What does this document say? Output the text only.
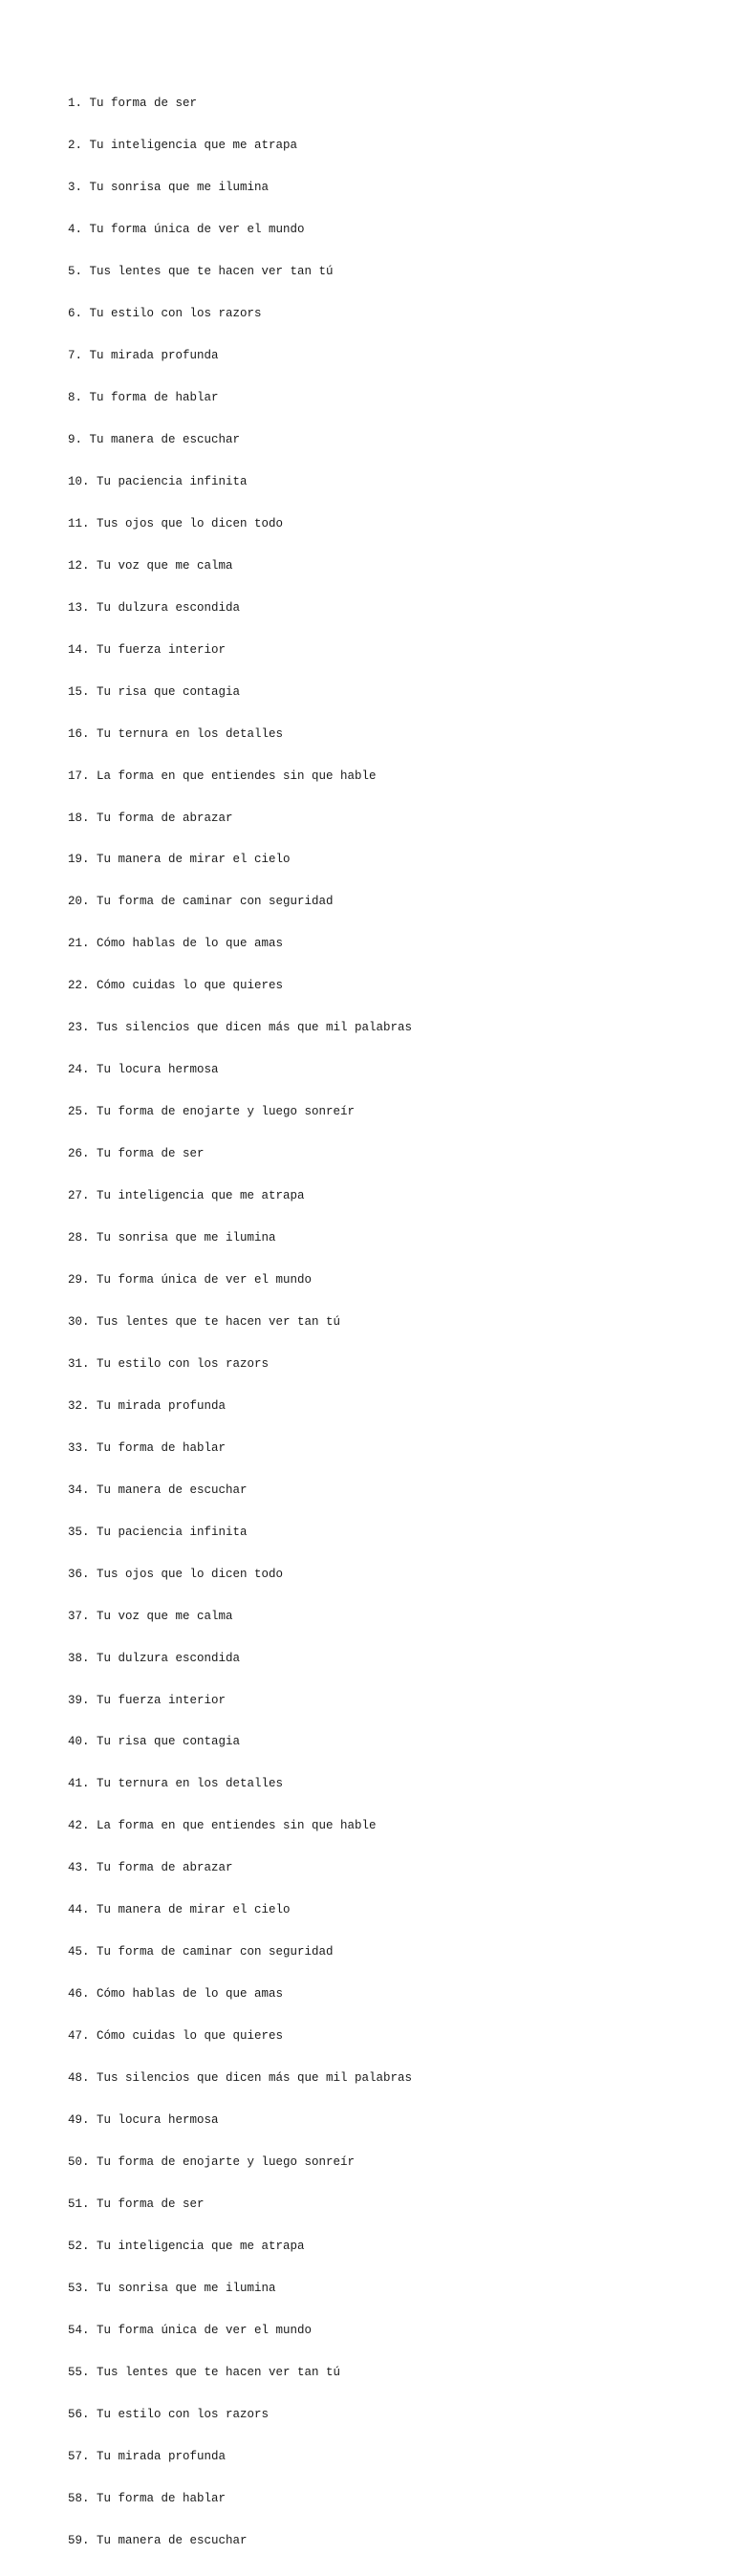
1. Tu forma de ser

2. Tu inteligencia que me atrapa

3. Tu sonrisa que me ilumina

4. Tu forma única de ver el mundo

5. Tus lentes que te hacen ver tan tú

6. Tu estilo con los razors

7. Tu mirada profunda

8. Tu forma de hablar

9. Tu manera de escuchar

10. Tu paciencia infinita

11. Tus ojos que lo dicen todo

12. Tu voz que me calma

13. Tu dulzura escondida

14. Tu fuerza interior

15. Tu risa que contagia

16. Tu ternura en los detalles

17. La forma en que entiendes sin que hable

18. Tu forma de abrazar

19. Tu manera de mirar el cielo

20. Tu forma de caminar con seguridad

21. Cómo hablas de lo que amas

22. Cómo cuidas lo que quieres

23. Tus silencios que dicen más que mil palabras

24. Tu locura hermosa

25. Tu forma de enojarte y luego sonreír

26. Tu forma de ser

27. Tu inteligencia que me atrapa

28. Tu sonrisa que me ilumina

29. Tu forma única de ver el mundo

30. Tus lentes que te hacen ver tan tú

31. Tu estilo con los razors

32. Tu mirada profunda

33. Tu forma de hablar

34. Tu manera de escuchar

35. Tu paciencia infinita

36. Tus ojos que lo dicen todo

37. Tu voz que me calma

38. Tu dulzura escondida

39. Tu fuerza interior

40. Tu risa que contagia

41. Tu ternura en los detalles

42. La forma en que entiendes sin que hable

43. Tu forma de abrazar

44. Tu manera de mirar el cielo

45. Tu forma de caminar con seguridad

46. Cómo hablas de lo que amas

47. Cómo cuidas lo que quieres

48. Tus silencios que dicen más que mil palabras

49. Tu locura hermosa

50. Tu forma de enojarte y luego sonreír

51. Tu forma de ser

52. Tu inteligencia que me atrapa

53. Tu sonrisa que me ilumina

54. Tu forma única de ver el mundo

55. Tus lentes que te hacen ver tan tú

56. Tu estilo con los razors

57. Tu mirada profunda

58. Tu forma de hablar

59. Tu manera de escuchar
